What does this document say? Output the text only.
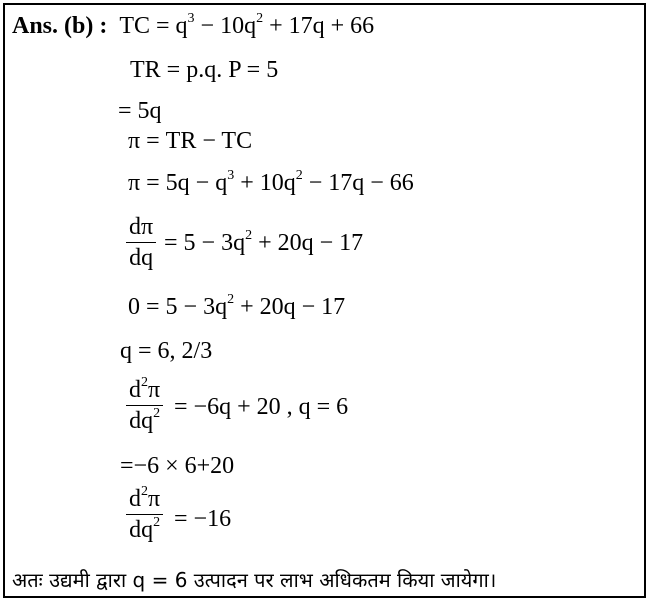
Ans. (b) : TC = $q^3 - 10q^2 + 17q + 66$
TR = p.q. P = 5
= 5q
π = TR − TC
$\pi = 5q - q^3 + 10q^2 - 17q - 66$
dπ
dq
= $5 - 3q^2 + 20q - 17$
$0 = 5 - 3q^2 + 20q - 17$
q = 6, 2/3
$d^2\pi$
$dq^2 = -6q + 20$ , q = 6
=−6 × 6+20
$d^2\pi$
$dq^2 = -16$
अतः उद्यमी द्वारा q = 6 उत्पादन पर लाभ अधिकतम किया जायेगा।
